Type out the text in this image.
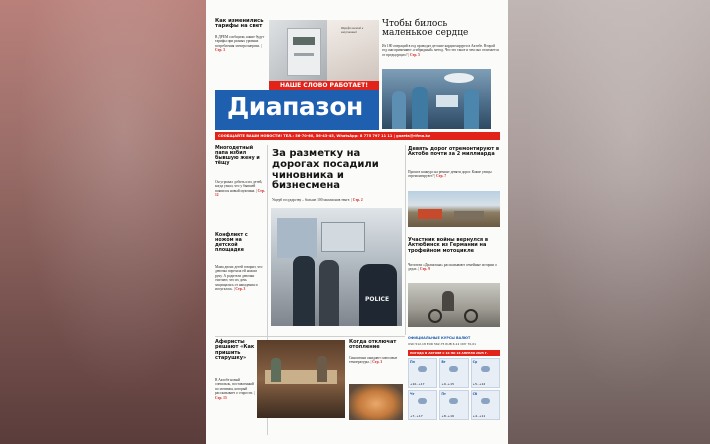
Как изменились тарифы на свет
В ДРЕМ сообщили, какие будут тарифы при разных уровнях потребления электроэнергии. | Стр. 3
Шрифт мелкий и запутанный
НАШЕ СЛОВО РАБОТАЕТ!
Диапазон
СООБЩАЙТЕ ВАШИ НОВОСТИ! ТЕЛ.: 56-70-60, 56-43-45, WhatsApp: 8 775 797 11 11 | gazeta@rifma.kz
Чтобы билось маленькое сердце
Из 180 операций в год проводят детские кардиохирурги в Актобе. Второй год они применяют «гибридный» метод. Что это такое и чем оно отличается от предыдущих? | Стр. 5
Многодетный папа избил бывшую жену и тёщу
Он угрожал добить и их детей, когда узнал, что у бывшей появился новый мужчина. | Стр. 12
Конфликт с ножом на детской площадке
Мама двоих детей говорит, что девочка порезала ей ножом руку. А родители девочки считают, что их дочь защищалась от нападения и испугалась. | Стр. 3
За разметку на дорогах посадили чиновника и бизнесмена
Ущерб государству – больше 100 миллионов тенге. | Стр. 2
POLICE
Девять дорог отремонтируют в Актобе почти за 2 миллиарда
Прошел конкурс на ремонт девяти дорог. Какие улицы отремонтируют? | Стр. 7
Участник войны вернулся в Актюбинск из Германии на трофейном мотоцикле
Читатели «Диапазона» рассказывают семейные истории о дедах. | Стр. 9
Аферисты решают «Как пришить старушку»
В Актобе новый спектакль, поставленный по мотивам, который рассказывает о старости. | Стр. 15
Когда отключат отопление
Синоптики ожидают плюсовые температуры. | Стр. 3
ОФИЦИАЛЬНЫЕ КУРСЫ ВАЛЮТ
USD 512,18 EUR 562,75 RUB 6,12 CNY 70,01
ПОГОДА В АКТОБЕ С 10 ПО 16 АПРЕЛЯ 2025 Г.
Пн
+10..+17
Вт
+9..+15
Ср
+5..+12
Чт
+7..+17
Пт
+8..+16
Сб
+4..+11
